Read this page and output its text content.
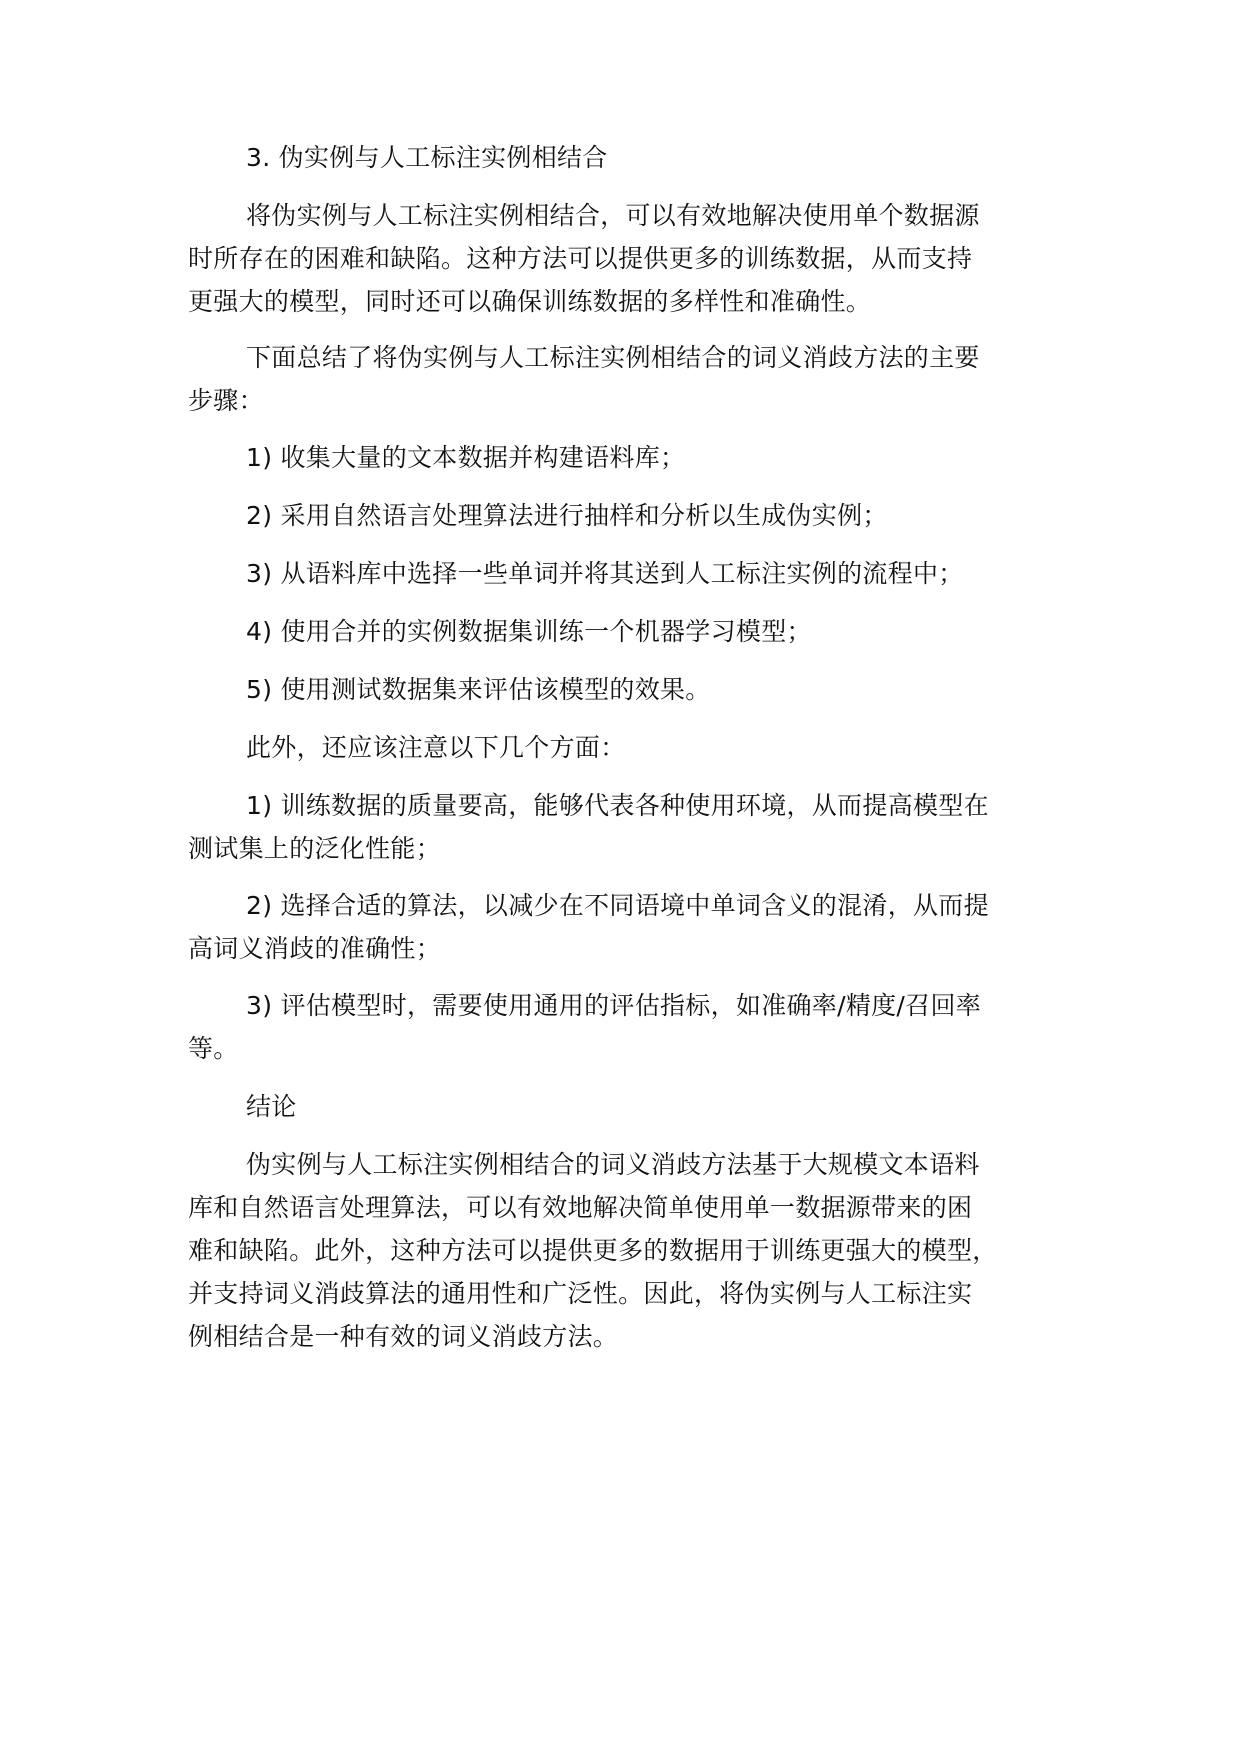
3. 伪实例与人工标注实例相结合

将伪实例与人工标注实例相结合，可以有效地解决使用单个数据源

时所存在的困难和缺陷。这种方法可以提供更多的训练数据，从而支持

更强大的模型，同时还可以确保训练数据的多样性和准确性。

下面总结了将伪实例与人工标注实例相结合的词义消歧方法的主要

步骤：

1) 收集大量的文本数据并构建语料库；

2) 采用自然语言处理算法进行抽样和分析以生成伪实例；

3) 从语料库中选择一些单词并将其送到人工标注实例的流程中；

4) 使用合并的实例数据集训练一个机器学习模型；

5) 使用测试数据集来评估该模型的效果。

此外，还应该注意以下几个方面：

1) 训练数据的质量要高，能够代表各种使用环境，从而提高模型在

测试集上的泛化性能；

2) 选择合适的算法，以减少在不同语境中单词含义的混淆，从而提

高词义消歧的准确性；

3) 评估模型时，需要使用通用的评估指标，如准确率/精度/召回率

等。

结论

伪实例与人工标注实例相结合的词义消歧方法基于大规模文本语料

库和自然语言处理算法，可以有效地解决简单使用单一数据源带来的困

难和缺陷。此外，这种方法可以提供更多的数据用于训练更强大的模型，

并支持词义消歧算法的通用性和广泛性。因此，将伪实例与人工标注实

例相结合是一种有效的词义消歧方法。
